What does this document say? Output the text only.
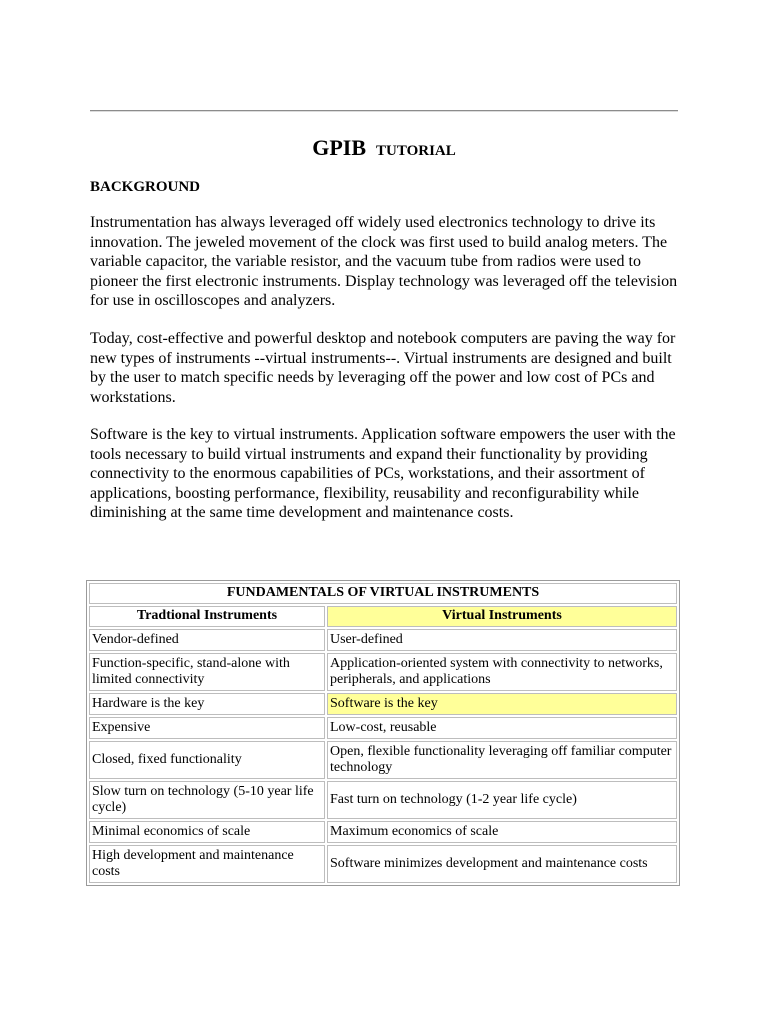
GPIB TUTORIAL
BACKGROUND

Instrumentation has always leveraged off widely used electronics technology to drive its innovation. The jeweled movement of the clock was first used to build analog meters. The variable capacitor, the variable resistor, and the vacuum tube from radios were used to pioneer the first electronic instruments. Display technology was leveraged off the television for use in oscilloscopes and analyzers.

Today, cost-effective and powerful desktop and notebook computers are paving the way for new types of instruments --virtual instruments--. Virtual instruments are designed and built by the user to match specific needs by leveraging off the power and low cost of PCs and workstations.

Software is the key to virtual instruments. Application software empowers the user with the tools necessary to build virtual instruments and expand their functionality by providing connectivity to the enormous capabilities of PCs, workstations, and their assortment of applications, boosting performance, flexibility, reusability and reconfigurability while diminishing at the same time development and maintenance costs.

FUNDAMENTALS OF VIRTUAL INSTRUMENTS	
Tradtional Instruments	Virtual Instruments
Vendor-defined	User-defined
Function-specific, stand-alone with limited connectivity	Application-oriented system with connectivity to networks, peripherals, and applications
Hardware is the key	Software is the key
Expensive	Low-cost, reusable
Closed, fixed functionality	Open, flexible functionality leveraging off familiar computer technology
Slow turn on technology (5-10 year life cycle)	Fast turn on technology (1-2 year life cycle)
Minimal economics of scale	Maximum economics of scale
High development and maintenance costs	Software minimizes development and maintenance costs
